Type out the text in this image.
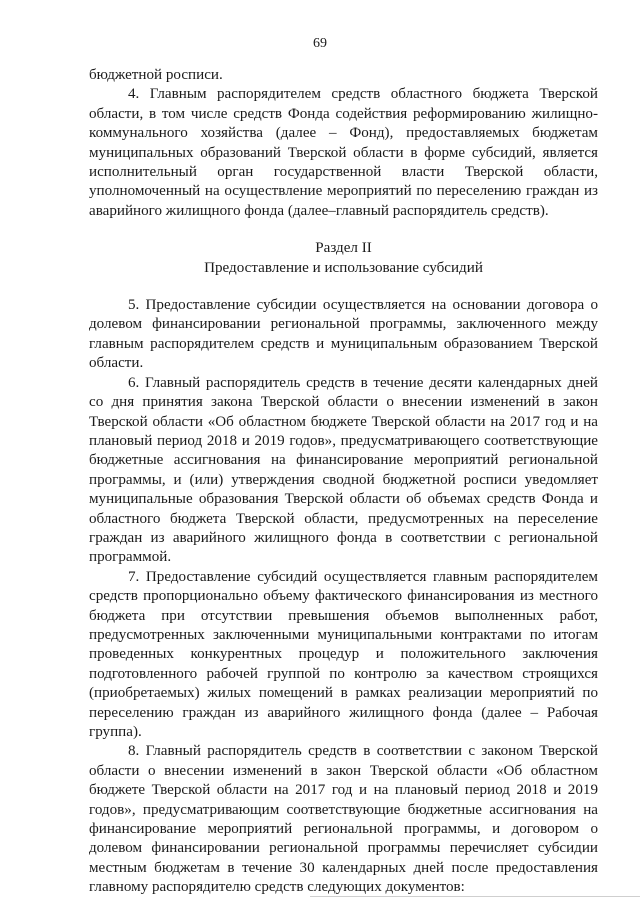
69

бюджетной росписи.

4. Главным распорядителем средств областного бюджета Тверской области, в том числе средств Фонда содействия реформированию жилищно-коммунального хозяйства (далее – Фонд), предоставляемых бюджетам муниципальных образований Тверской области в форме субсидий, является исполнительный орган государственной власти Тверской области, уполномоченный на осуществление мероприятий по переселению граждан из аварийного жилищного фонда (далее–главный распорядитель средств).

Раздел II
Предоставление и использование субсидий

5. Предоставление субсидии осуществляется на основании договора о долевом финансировании региональной программы, заключенного между главным распорядителем средств и муниципальным образованием Тверской области.

6. Главный распорядитель средств в течение десяти календарных дней со дня принятия закона Тверской области о внесении изменений в закон Тверской области «Об областном бюджете Тверской области на 2017 год и на плановый период 2018 и 2019 годов», предусматривающего соответствующие бюджетные ассигнования на финансирование мероприятий региональной программы, и (или) утверждения сводной бюджетной росписи уведомляет муниципальные образования Тверской области об объемах средств Фонда и областного бюджета Тверской области, предусмотренных на переселение граждан из аварийного жилищного фонда в соответствии с региональной программой.

7. Предоставление субсидий осуществляется главным распорядителем средств пропорционально объему фактического финансирования из местного бюджета при отсутствии превышения объемов выполненных работ, предусмотренных заключенными муниципальными контрактами по итогам проведенных конкурентных процедур и положительного заключения подготовленного рабочей группой по контролю за качеством строящихся (приобретаемых) жилых помещений в рамках реализации мероприятий по переселению граждан из аварийного жилищного фонда (далее – Рабочая группа).

8. Главный распорядитель средств в соответствии с законом Тверской области о внесении изменений в закон Тверской области «Об областном бюджете Тверской области на 2017 год и на плановый период 2018 и 2019 годов», предусматривающим соответствующие бюджетные ассигнования на финансирование мероприятий региональной программы, и договором о долевом финансировании региональной программы перечисляет субсидии местным бюджетам в течение 30 календарных дней после предоставления главному распорядителю средств следующих документов:
